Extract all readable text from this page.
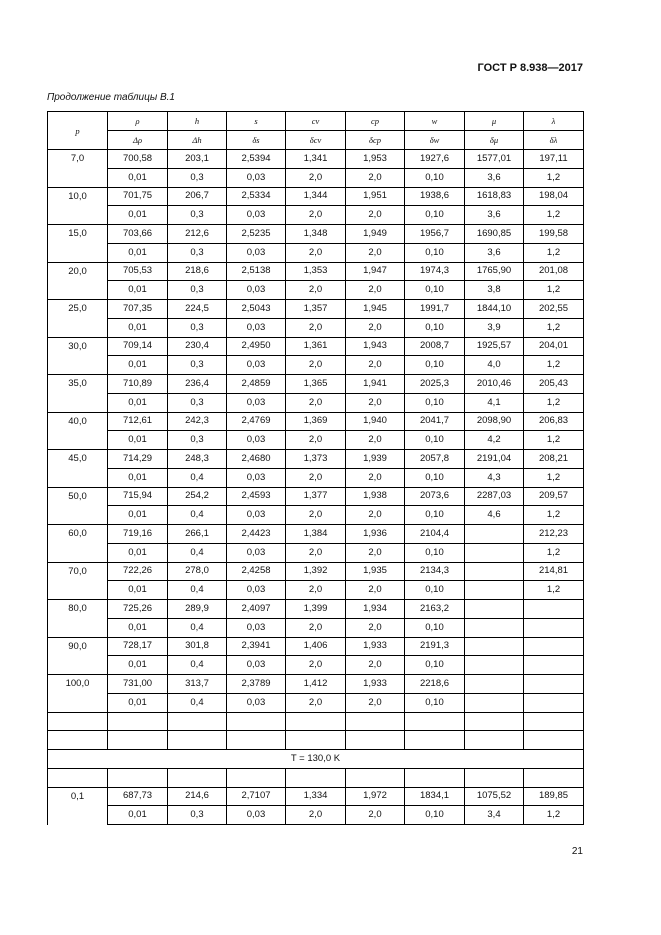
ГОСТ Р 8.938—2017
Продолжение таблицы В.1
p	ρ	h	s	cv	cp	w	μ	λ
	Δρ	Δh	δs	δcv	δcp	δw	δμ	δλ
7,0	700,58	203,1	2,5394	1,341	1,953	1927,6	1577,01	197,11
	0,01	0,3	0,03	2,0	2,0	0,10	3,6	1,2
10,0	701,75	206,7	2,5334	1,344	1,951	1938,6	1618,83	198,04
	0,01	0,3	0,03	2,0	2,0	0,10	3,6	1,2
15,0	703,66	212,6	2,5235	1,348	1,949	1956,7	1690,85	199,58
	0,01	0,3	0,03	2,0	2,0	0,10	3,6	1,2
20,0	705,53	218,6	2,5138	1,353	1,947	1974,3	1765,90	201,08
	0,01	0,3	0,03	2,0	2,0	0,10	3,8	1,2
25,0	707,35	224,5	2,5043	1,357	1,945	1991,7	1844,10	202,55
	0,01	0,3	0,03	2,0	2,0	0,10	3,9	1,2
30,0	709,14	230,4	2,4950	1,361	1,943	2008,7	1925,57	204,01
	0,01	0,3	0,03	2,0	2,0	0,10	4,0	1,2
35,0	710,89	236,4	2,4859	1,365	1,941	2025,3	2010,46	205,43
	0,01	0,3	0,03	2,0	2,0	0,10	4,1	1,2
40,0	712,61	242,3	2,4769	1,369	1,940	2041,7	2098,90	206,83
	0,01	0,3	0,03	2,0	2,0	0,10	4,2	1,2
45,0	714,29	248,3	2,4680	1,373	1,939	2057,8	2191,04	208,21
	0,01	0,4	0,03	2,0	2,0	0,10	4,3	1,2
50,0	715,94	254,2	2,4593	1,377	1,938	2073,6	2287,03	209,57
	0,01	0,4	0,03	2,0	2,0	0,10	4,6	1,2
60,0	719,16	266,1	2,4423	1,384	1,936	2104,4		212,23
	0,01	0,4	0,03	2,0	2,0	0,10		1,2
70,0	722,26	278,0	2,4258	1,392	1,935	2134,3		214,81
	0,01	0,4	0,03	2,0	2,0	0,10		1,2
80,0	725,26	289,9	2,4097	1,399	1,934	2163,2		
	0,01	0,4	0,03	2,0	2,0	0,10		
90,0	728,17	301,8	2,3941	1,406	1,933	2191,3		
	0,01	0,4	0,03	2,0	2,0	0,10		
100,0	731,00	313,7	2,3789	1,412	1,933	2218,6		
	0,01	0,4	0,03	2,0	2,0	0,10		

T = 130,0 K								

0,1	687,73	214,6	2,7107	1,334	1,972	1834,1	1075,52	189,85
	0,01	0,3	0,03	2,0	2,0	0,10	3,4	1,2
21
